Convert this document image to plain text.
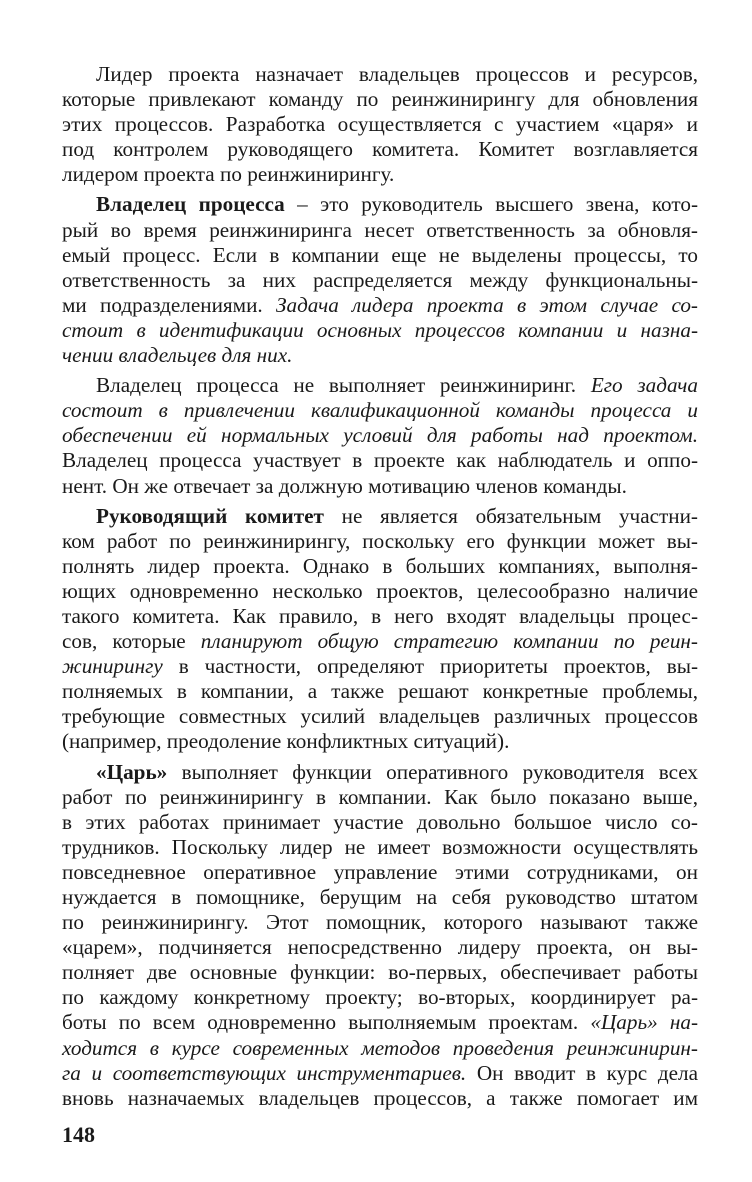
Лидер проекта назначает владельцев процессов и ресурсов,
которые привлекают команду по реинжинирингу для обновления
этих процессов. Разработка осуществляется с участием «царя» и
под контролем руководящего комитета. Комитет возглавляется
лидером проекта по реинжинирингу.
Владелец процесса – это руководитель высшего звена, кото-
рый во время реинжиниринга несет ответственность за обновля-
емый процесс. Если в компании еще не выделены процессы, то
ответственность за них распределяется между функциональны-
ми подразделениями. Задача лидера проекта в этом случае со-
стоит в идентификации основных процессов компании и назна-
чении владельцев для них.
Владелец процесса не выполняет реинжиниринг. Его задача
состоит в привлечении квалификационной команды процесса и
обеспечении ей нормальных условий для работы над проектом.
Владелец процесса участвует в проекте как наблюдатель и оппо-
нент. Он же отвечает за должную мотивацию членов команды.
Руководящий комитет не является обязательным участни-
ком работ по реинжинирингу, поскольку его функции может вы-
полнять лидер проекта. Однако в больших компаниях, выполня-
ющих одновременно несколько проектов, целесообразно наличие
такого комитета. Как правило, в него входят владельцы процес-
сов, которые планируют общую стратегию компании по реин-
жинирингу в частности, определяют приоритеты проектов, вы-
полняемых в компании, а также решают конкретные проблемы,
требующие совместных усилий владельцев различных процессов
(например, преодоление конфликтных ситуаций).
«Царь» выполняет функции оперативного руководителя всех
работ по реинжинирингу в компании. Как было показано выше,
в этих работах принимает участие довольно большое число со-
трудников. Поскольку лидер не имеет возможности осуществлять
повседневное оперативное управление этими сотрудниками, он
нуждается в помощнике, берущим на себя руководство штатом
по реинжинирингу. Этот помощник, которого называют также
«царем», подчиняется непосредственно лидеру проекта, он вы-
полняет две основные функции: во-первых, обеспечивает работы
по каждому конкретному проекту; во-вторых, координирует ра-
боты по всем одновременно выполняемым проектам. «Царь» на-
ходится в курсе современных методов проведения реинжинирин-
га и соответствующих инструментариев. Он вводит в курс дела
вновь назначаемых владельцев процессов, а также помогает им
148
